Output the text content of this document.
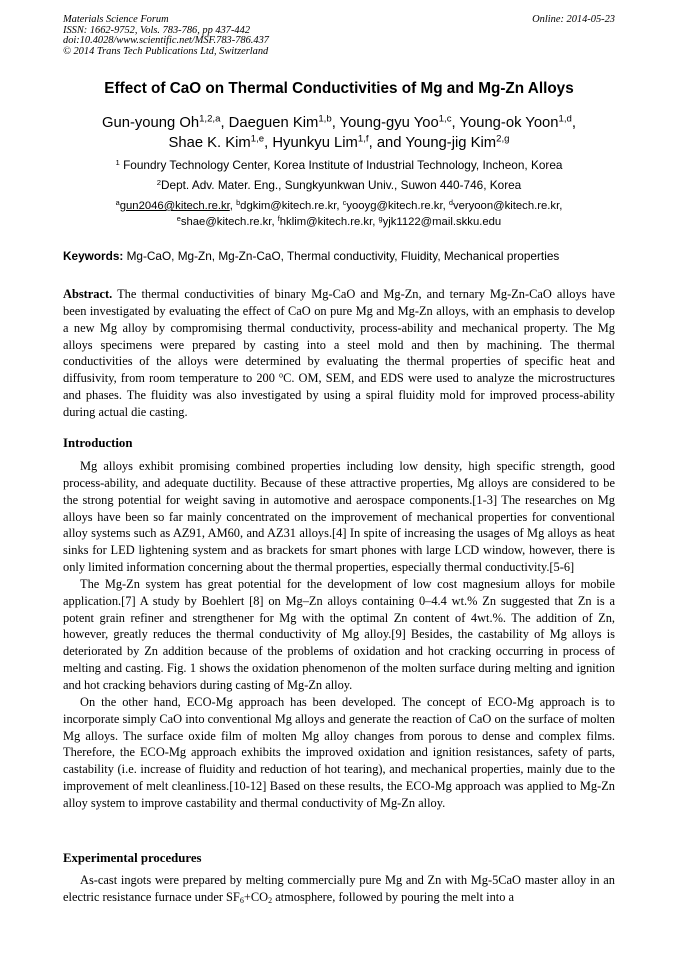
Materials Science Forum
ISSN: 1662-9752, Vols. 783-786, pp 437-442
doi:10.4028/www.scientific.net/MSF.783-786.437
© 2014 Trans Tech Publications Ltd, Switzerland
Online: 2014-05-23
Effect of CaO on Thermal Conductivities of Mg and Mg-Zn Alloys
Gun-young Oh$^{1,2,a}$, Daeguen Kim$^{1,b}$, Young-gyu Yoo$^{1,c}$, Young-ok Yoon$^{1,d}$,
Shae K. Kim$^{1,e}$, Hyunkyu Lim$^{1,f}$, and Young-jig Kim$^{2,g}$
$^1$ Foundry Technology Center, Korea Institute of Industrial Technology, Incheon, Korea
$^2$Dept. Adv. Mater. Eng., Sungkyunkwan Univ., Suwon 440-746, Korea
$^a$gun2046@kitech.re.kr, $^b$dgkim@kitech.re.kr, $^c$yooyg@kitech.re.kr, $^d$veryoon@kitech.re.kr,
$^e$shae@kitech.re.kr, $^f$hklim@kitech.re.kr, $^g$yjk1122@mail.skku.edu
Keywords: Mg-CaO, Mg-Zn, Mg-Zn-CaO, Thermal conductivity, Fluidity, Mechanical properties

Abstract. The thermal conductivities of binary Mg-CaO and Mg-Zn, and ternary Mg-Zn-CaO alloys have been investigated by evaluating the effect of CaO on pure Mg and Mg-Zn alloys, with an emphasis to develop a new Mg alloy by compromising thermal conductivity, process-ability and mechanical property. The Mg alloys specimens were prepared by casting into a steel mold and then by machining. The thermal conductivities of the alloys were determined by evaluating the thermal properties of specific heat and diffusivity, from room temperature to 200 $^o$C. OM, SEM, and EDS were used to analyze the microstructures and phases. The fluidity was also investigated by using a spiral fluidity mold for improved process-ability during actual die casting.

Introduction

Mg alloys exhibit promising combined properties including low density, high specific strength, good process-ability, and adequate ductility. Because of these attractive properties, Mg alloys are considered to be the strong potential for weight saving in automotive and aerospace components.[1-3] The researches on Mg alloys have been so far mainly concentrated on the improvement of mechanical properties for conventional alloy systems such as AZ91, AM60, and AZ31 alloys.[4] In spite of increasing the usages of Mg alloys as heat sinks for LED lightening system and as brackets for smart phones with large LCD window, however, there is only limited information concerning about the thermal properties, especially thermal conductivity.[5-6]

The Mg-Zn system has great potential for the development of low cost magnesium alloys for mobile application.[7] A study by Boehlert [8] on Mg–Zn alloys containing 0–4.4 wt.% Zn suggested that Zn is a potent grain refiner and strengthener for Mg with the optimal Zn content of 4wt.%. The addition of Zn, however, greatly reduces the thermal conductivity of Mg alloy.[9] Besides, the castability of Mg alloys is deteriorated by Zn addition because of the problems of oxidation and hot cracking occurring in process of melting and casting. Fig. 1 shows the oxidation phenomenon of the molten surface during melting and ignition and hot cracking behaviors during casting of Mg-Zn alloy.

On the other hand, ECO-Mg approach has been developed. The concept of ECO-Mg approach is to incorporate simply CaO into conventional Mg alloys and generate the reaction of CaO on the surface of molten Mg alloys. The surface oxide film of molten Mg alloy changes from porous to dense and complex films. Therefore, the ECO-Mg approach exhibits the improved oxidation and ignition resistances, safety of parts, castability (i.e. increase of fluidity and reduction of hot tearing), and mechanical properties, mainly due to the improvement of melt cleanliness.[10-12] Based on these results, the ECO-Mg approach was applied to Mg-Zn alloy system to improve castability and thermal conductivity of Mg-Zn alloy.

Experimental procedures

As-cast ingots were prepared by melting commercially pure Mg and Zn with Mg-5CaO master alloy in an electric resistance furnace under $SF_6+CO_2$ atmosphere, followed by pouring the melt into a
